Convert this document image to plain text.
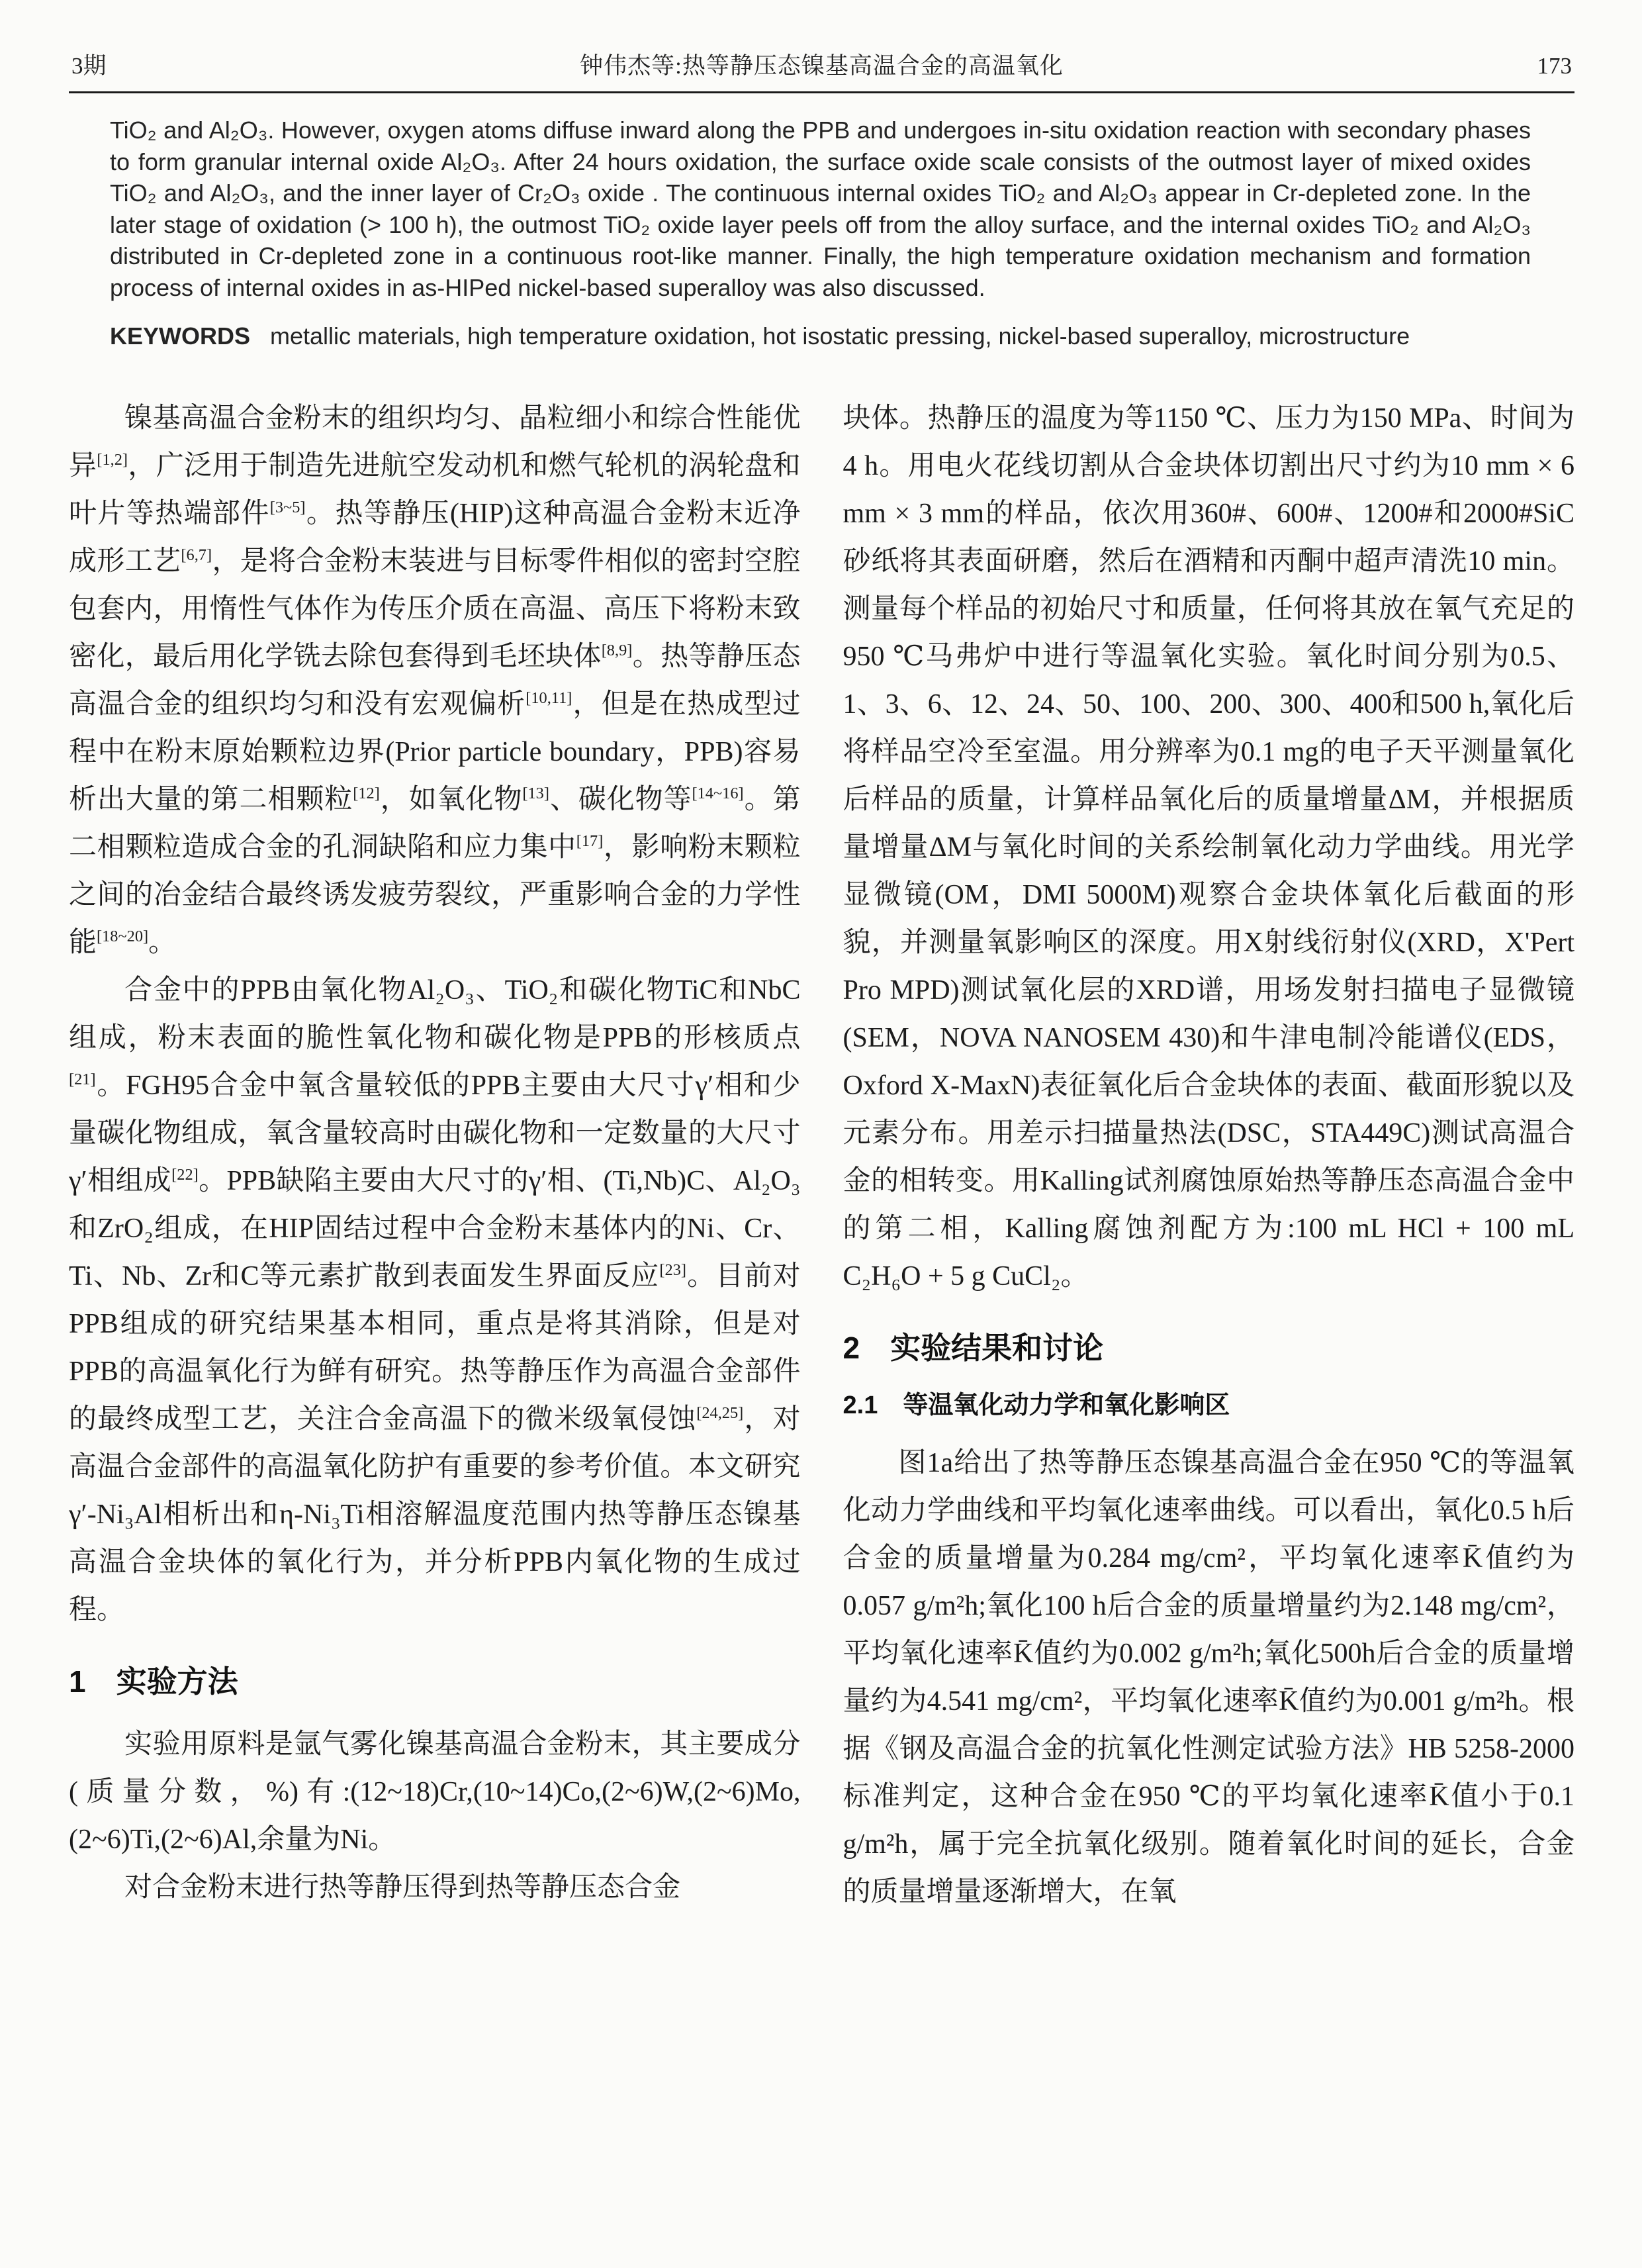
3期	钟伟杰等:热等静压态镍基高温合金的高温氧化	173

TiO₂ and Al₂O₃. However, oxygen atoms diffuse inward along the PPB and undergoes in-situ oxidation reaction with secondary phases to form granular internal oxide Al₂O₃. After 24 hours oxidation, the surface oxide scale consists of the outmost layer of mixed oxides TiO₂ and Al₂O₃, and the inner layer of Cr₂O₃ oxide . The continuous internal oxides TiO₂ and Al₂O₃ appear in Cr-depleted zone. In the later stage of oxidation (> 100 h), the outmost TiO₂ oxide layer peels off from the alloy surface, and the internal oxides TiO₂ and Al₂O₃ distributed in Cr-depleted zone in a continuous root-like manner. Finally, the high temperature oxidation mechanism and formation process of internal oxides in as-HIPed nickel-based superalloy was also discussed.

KEYWORDS metallic materials, high temperature oxidation, hot isostatic pressing, nickel-based superalloy, microstructure

镍基高温合金粉末的组织均匀、晶粒细小和综合性能优异[1,2]，广泛用于制造先进航空发动机和燃气轮机的涡轮盘和叶片等热端部件[3~5]。热等静压(HIP)这种高温合金粉末近净成形工艺[6,7]，是将合金粉末装进与目标零件相似的密封空腔包套内，用惰性气体作为传压介质在高温、高压下将粉末致密化，最后用化学铣去除包套得到毛坯块体[8,9]。热等静压态高温合金的组织均匀和没有宏观偏析[10,11]，但是在热成型过程中在粉末原始颗粒边界(Prior particle boundary，PPB)容易析出大量的第二相颗粒[12]，如氧化物[13]、碳化物等[14~16]。第二相颗粒造成合金的孔洞缺陷和应力集中[17]，影响粉末颗粒之间的冶金结合最终诱发疲劳裂纹，严重影响合金的力学性能[18~20]。

合金中的PPB由氧化物Al₂O₃、TiO₂和碳化物TiC和NbC组成，粉末表面的脆性氧化物和碳化物是PPB的形核质点[21]。FGH95合金中氧含量较低的PPB主要由大尺寸γ′相和少量碳化物组成，氧含量较高时由碳化物和一定数量的大尺寸γ′相组成[22]。PPB缺陷主要由大尺寸的γ′相、(Ti,Nb)C、Al₂O₃和ZrO₂组成，在HIP固结过程中合金粉末基体内的Ni、Cr、Ti、Nb、Zr和C等元素扩散到表面发生界面反应[23]。目前对PPB组成的研究结果基本相同，重点是将其消除，但是对PPB的高温氧化行为鲜有研究。热等静压作为高温合金部件的最终成型工艺，关注合金高温下的微米级氧侵蚀[24,25]，对高温合金部件的高温氧化防护有重要的参考价值。本文研究γ′-Ni₃Al相析出和η-Ni₃Ti相溶解温度范围内热等静压态镍基高温合金块体的氧化行为，并分析PPB内氧化物的生成过程。

1　实验方法

实验用原料是氩气雾化镍基高温合金粉末，其主要成分(质量分数，%)有:(12~18)Cr,(10~14)Co,(2~6)W,(2~6)Mo,(2~6)Ti,(2~6)Al,余量为Ni。

对合金粉末进行热等静压得到热等静压态合金

块体。热静压的温度为等1150 ℃、压力为150 MPa、时间为4 h。用电火花线切割从合金块体切割出尺寸约为10 mm × 6 mm × 3 mm的样品，依次用360#、600#、1200#和2000#SiC砂纸将其表面研磨，然后在酒精和丙酮中超声清洗10 min。测量每个样品的初始尺寸和质量，任何将其放在氧气充足的950 ℃马弗炉中进行等温氧化实验。氧化时间分别为0.5、1、3、6、12、24、50、100、200、300、400和500 h,氧化后将样品空冷至室温。用分辨率为0.1 mg的电子天平测量氧化后样品的质量，计算样品氧化后的质量增量ΔM，并根据质量增量ΔM与氧化时间的关系绘制氧化动力学曲线。用光学显微镜(OM，DMI 5000M)观察合金块体氧化后截面的形貌，并测量氧影响区的深度。用X射线衍射仪(XRD，X'Pert Pro MPD)测试氧化层的XRD谱，用场发射扫描电子显微镜(SEM，NOVA NANOSEM 430)和牛津电制冷能谱仪(EDS，Oxford X-MaxN)表征氧化后合金块体的表面、截面形貌以及元素分布。用差示扫描量热法(DSC，STA449C)测试高温合金的相转变。用Kalling试剂腐蚀原始热等静压态高温合金中的第二相，Kalling腐蚀剂配方为:100 mL HCl + 100 mL C₂H₆O + 5 g CuCl₂。

2　实验结果和讨论
2.1　等温氧化动力学和氧化影响区

图1a给出了热等静压态镍基高温合金在950 ℃的等温氧化动力学曲线和平均氧化速率曲线。可以看出，氧化0.5 h后合金的质量增量为0.284 mg/cm²，平均氧化速率K̄值约为0.057 g/m²h;氧化100 h后合金的质量增量约为2.148 mg/cm²，平均氧化速率K̄值约为0.002 g/m²h;氧化500h后合金的质量增量约为4.541 mg/cm²，平均氧化速率K̄值约为0.001 g/m²h。根据《钢及高温合金的抗氧化性测定试验方法》HB 5258-2000标准判定，这种合金在950 ℃的平均氧化速率K̄值小于0.1 g/m²h，属于完全抗氧化级别。随着氧化时间的延长，合金的质量增量逐渐增大，在氧
